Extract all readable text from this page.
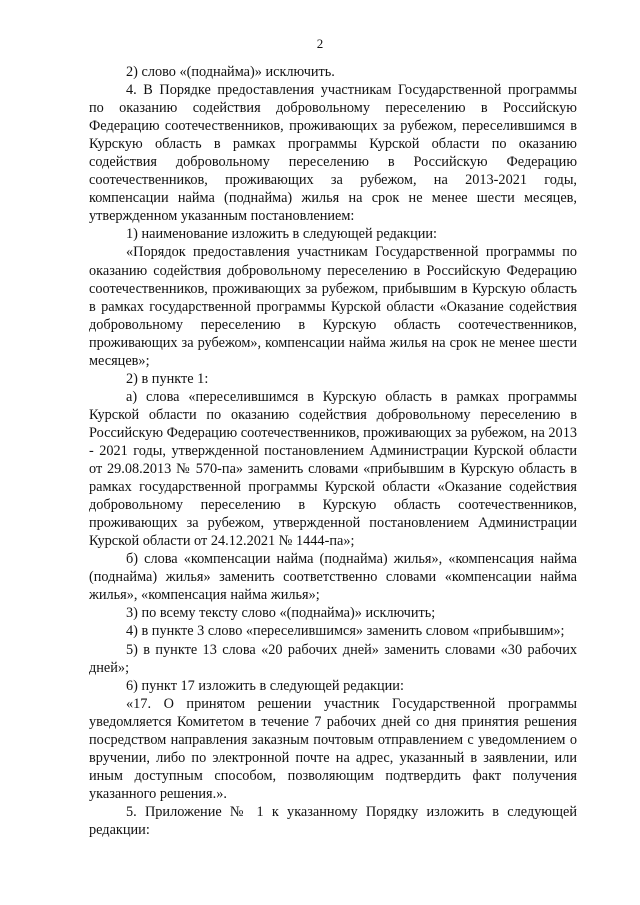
2

2) слово «(поднайма)» исключить.

4. В Порядке предоставления участникам Государственной программы по оказанию содействия добровольному переселению в Российскую Федерацию соотечественников, проживающих за рубежом, переселившимся в Курскую область в рамках программы Курской области по оказанию содействия добровольному переселению в Российскую Федерацию соотечественников, проживающих за рубежом, на 2013-2021 годы, компенсации найма (поднайма) жилья на срок не менее шести месяцев, утвержденном указанным постановлением:

1) наименование изложить в следующей редакции:

«Порядок предоставления участникам Государственной программы по оказанию содействия добровольному переселению в Российскую Федерацию соотечественников, проживающих за рубежом, прибывшим в Курскую область в рамках государственной программы Курской области «Оказание содействия добровольному переселению в Курскую область соотечественников, проживающих за рубежом», компенсации найма жилья на срок не менее шести месяцев»;

2) в пункте 1:

а) слова «переселившимся в Курскую область в рамках программы Курской области по оказанию содействия добровольному переселению в Российскую Федерацию соотечественников, проживающих за рубежом, на 2013 - 2021 годы, утвержденной постановлением Администрации Курской области от 29.08.2013 № 570-па» заменить словами «прибывшим в Курскую область в рамках государственной программы Курской области «Оказание содействия добровольному переселению в Курскую область соотечественников, проживающих за рубежом, утвержденной постановлением Администрации Курской области от 24.12.2021 № 1444-па»;

б) слова «компенсации найма (поднайма) жилья», «компенсация найма (поднайма) жилья» заменить соответственно словами «компенсации найма жилья», «компенсация найма жилья»;

3) по всему тексту слово «(поднайма)» исключить;

4) в пункте 3 слово «переселившимся» заменить словом «прибывшим»;

5) в пункте 13 слова «20 рабочих дней» заменить словами «30 рабочих дней»;

6) пункт 17 изложить в следующей редакции:

«17. О принятом решении участник Государственной программы уведомляется Комитетом в течение 7 рабочих дней со дня принятия решения посредством направления заказным почтовым отправлением с уведомлением о вручении, либо по электронной почте на адрес, указанный в заявлении, или иным доступным способом, позволяющим подтвердить факт получения указанного решения.».

5. Приложение № 1 к указанному Порядку изложить в следующей редакции:
